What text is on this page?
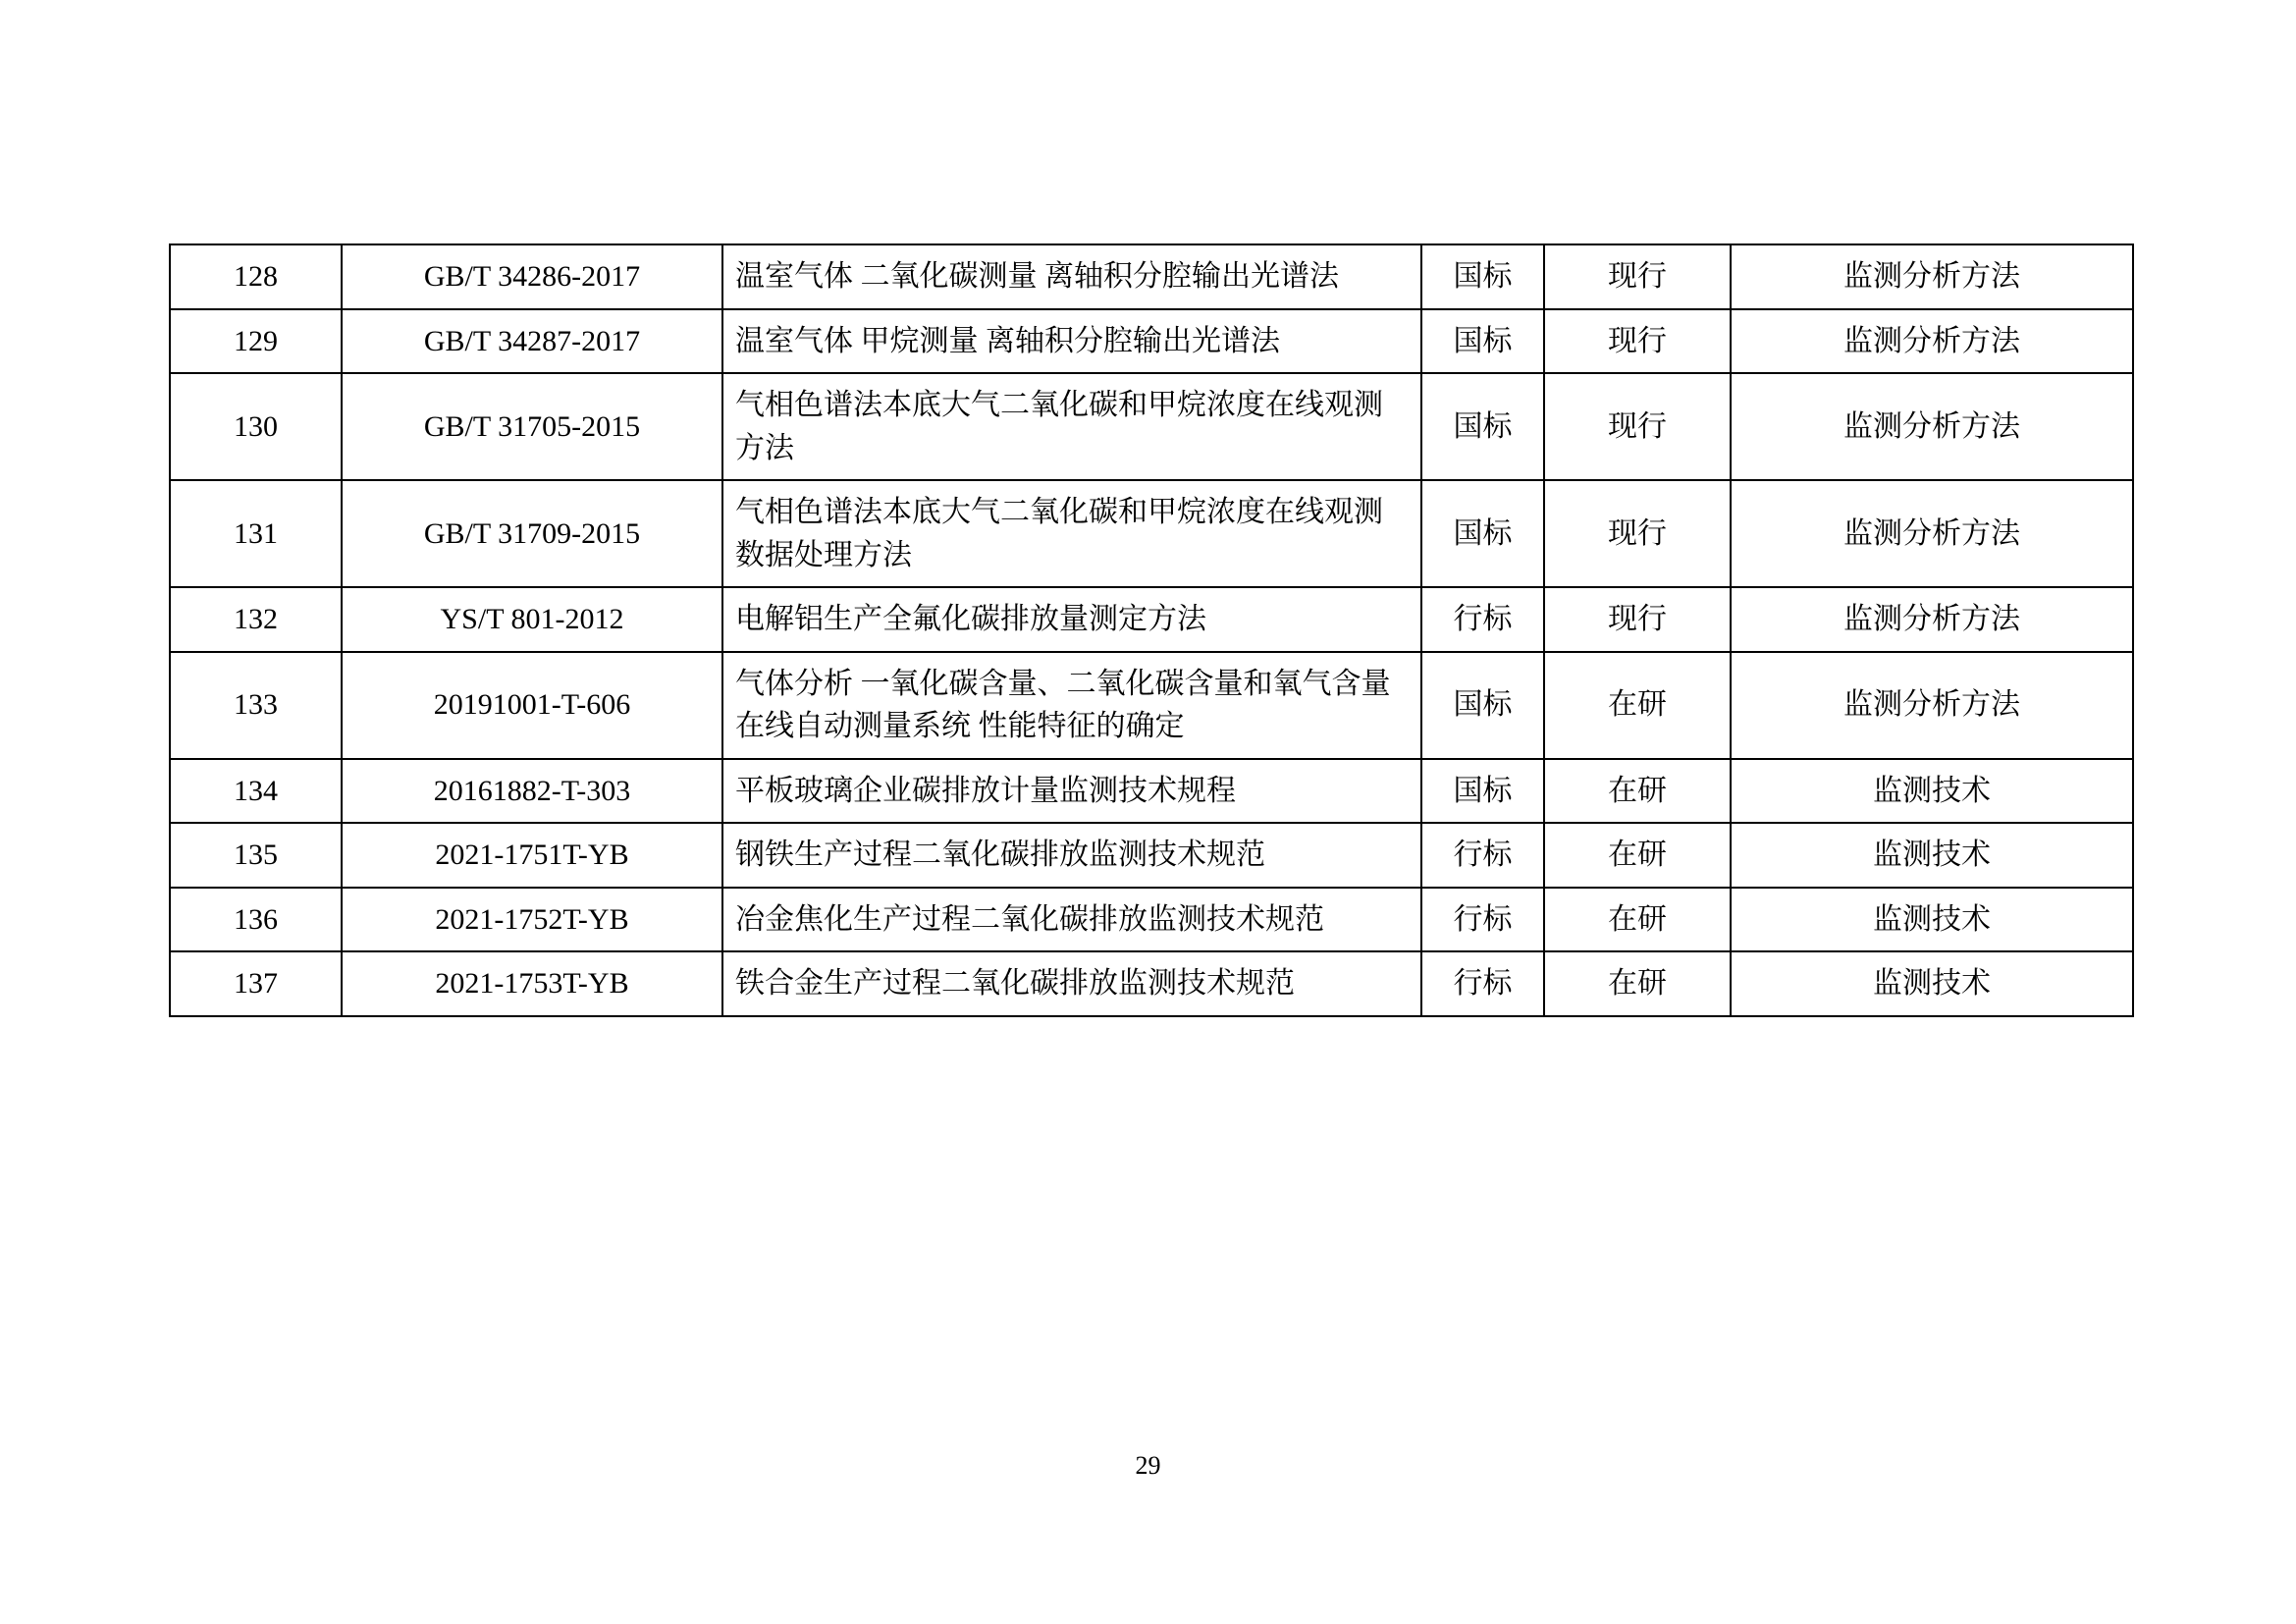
128	GB/T 34286-2017	温室气体 二氧化碳测量 离轴积分腔输出光谱法	国标	现行	监测分析方法
129	GB/T 34287-2017	温室气体 甲烷测量 离轴积分腔输出光谱法	国标	现行	监测分析方法
130	GB/T 31705-2015	气相色谱法本底大气二氧化碳和甲烷浓度在线观测方法	国标	现行	监测分析方法
131	GB/T 31709-2015	气相色谱法本底大气二氧化碳和甲烷浓度在线观测数据处理方法	国标	现行	监测分析方法
132	YS/T 801-2012	电解铝生产全氟化碳排放量测定方法	行标	现行	监测分析方法
133	20191001-T-606	气体分析 一氧化碳含量、二氧化碳含量和氧气含量在线自动测量系统 性能特征的确定	国标	在研	监测分析方法
134	20161882-T-303	平板玻璃企业碳排放计量监测技术规程	国标	在研	监测技术
135	2021-1751T-YB	钢铁生产过程二氧化碳排放监测技术规范	行标	在研	监测技术
136	2021-1752T-YB	冶金焦化生产过程二氧化碳排放监测技术规范	行标	在研	监测技术
137	2021-1753T-YB	铁合金生产过程二氧化碳排放监测技术规范	行标	在研	监测技术
29
